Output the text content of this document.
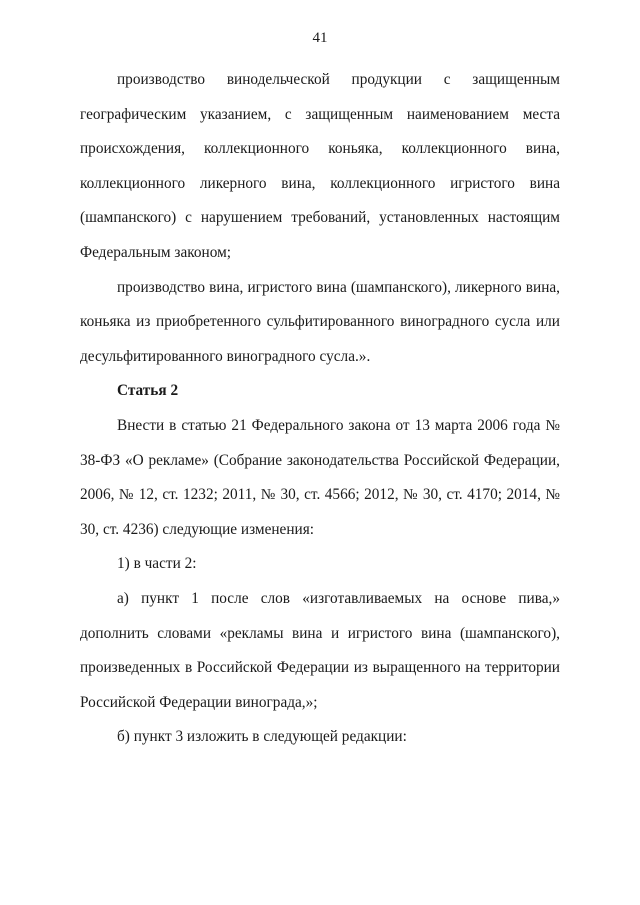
41

производство винодельческой продукции с защищенным географическим указанием, с защищенным наименованием места происхождения, коллекционного коньяка, коллекционного вина, коллекционного ликерного вина, коллекционного игристого вина (шампанского) с нарушением требований, установленных настоящим Федеральным законом;

производство вина, игристого вина (шампанского), ликерного вина, коньяка из приобретенного сульфитированного виноградного сусла или десульфитированного виноградного сусла.».

Статья 2

Внести в статью 21 Федерального закона от 13 марта 2006 года № 38-ФЗ «О рекламе» (Собрание законодательства Российской Федерации, 2006, № 12, ст. 1232; 2011, № 30, ст. 4566; 2012, № 30, ст. 4170; 2014, № 30, ст. 4236) следующие изменения:

1) в части 2:

а) пункт 1 после слов «изготавливаемых на основе пива,» дополнить словами «рекламы вина и игристого вина (шампанского), произведенных в Российской Федерации из выращенного на территории Российской Федерации винограда,»;

б) пункт 3 изложить в следующей редакции:
